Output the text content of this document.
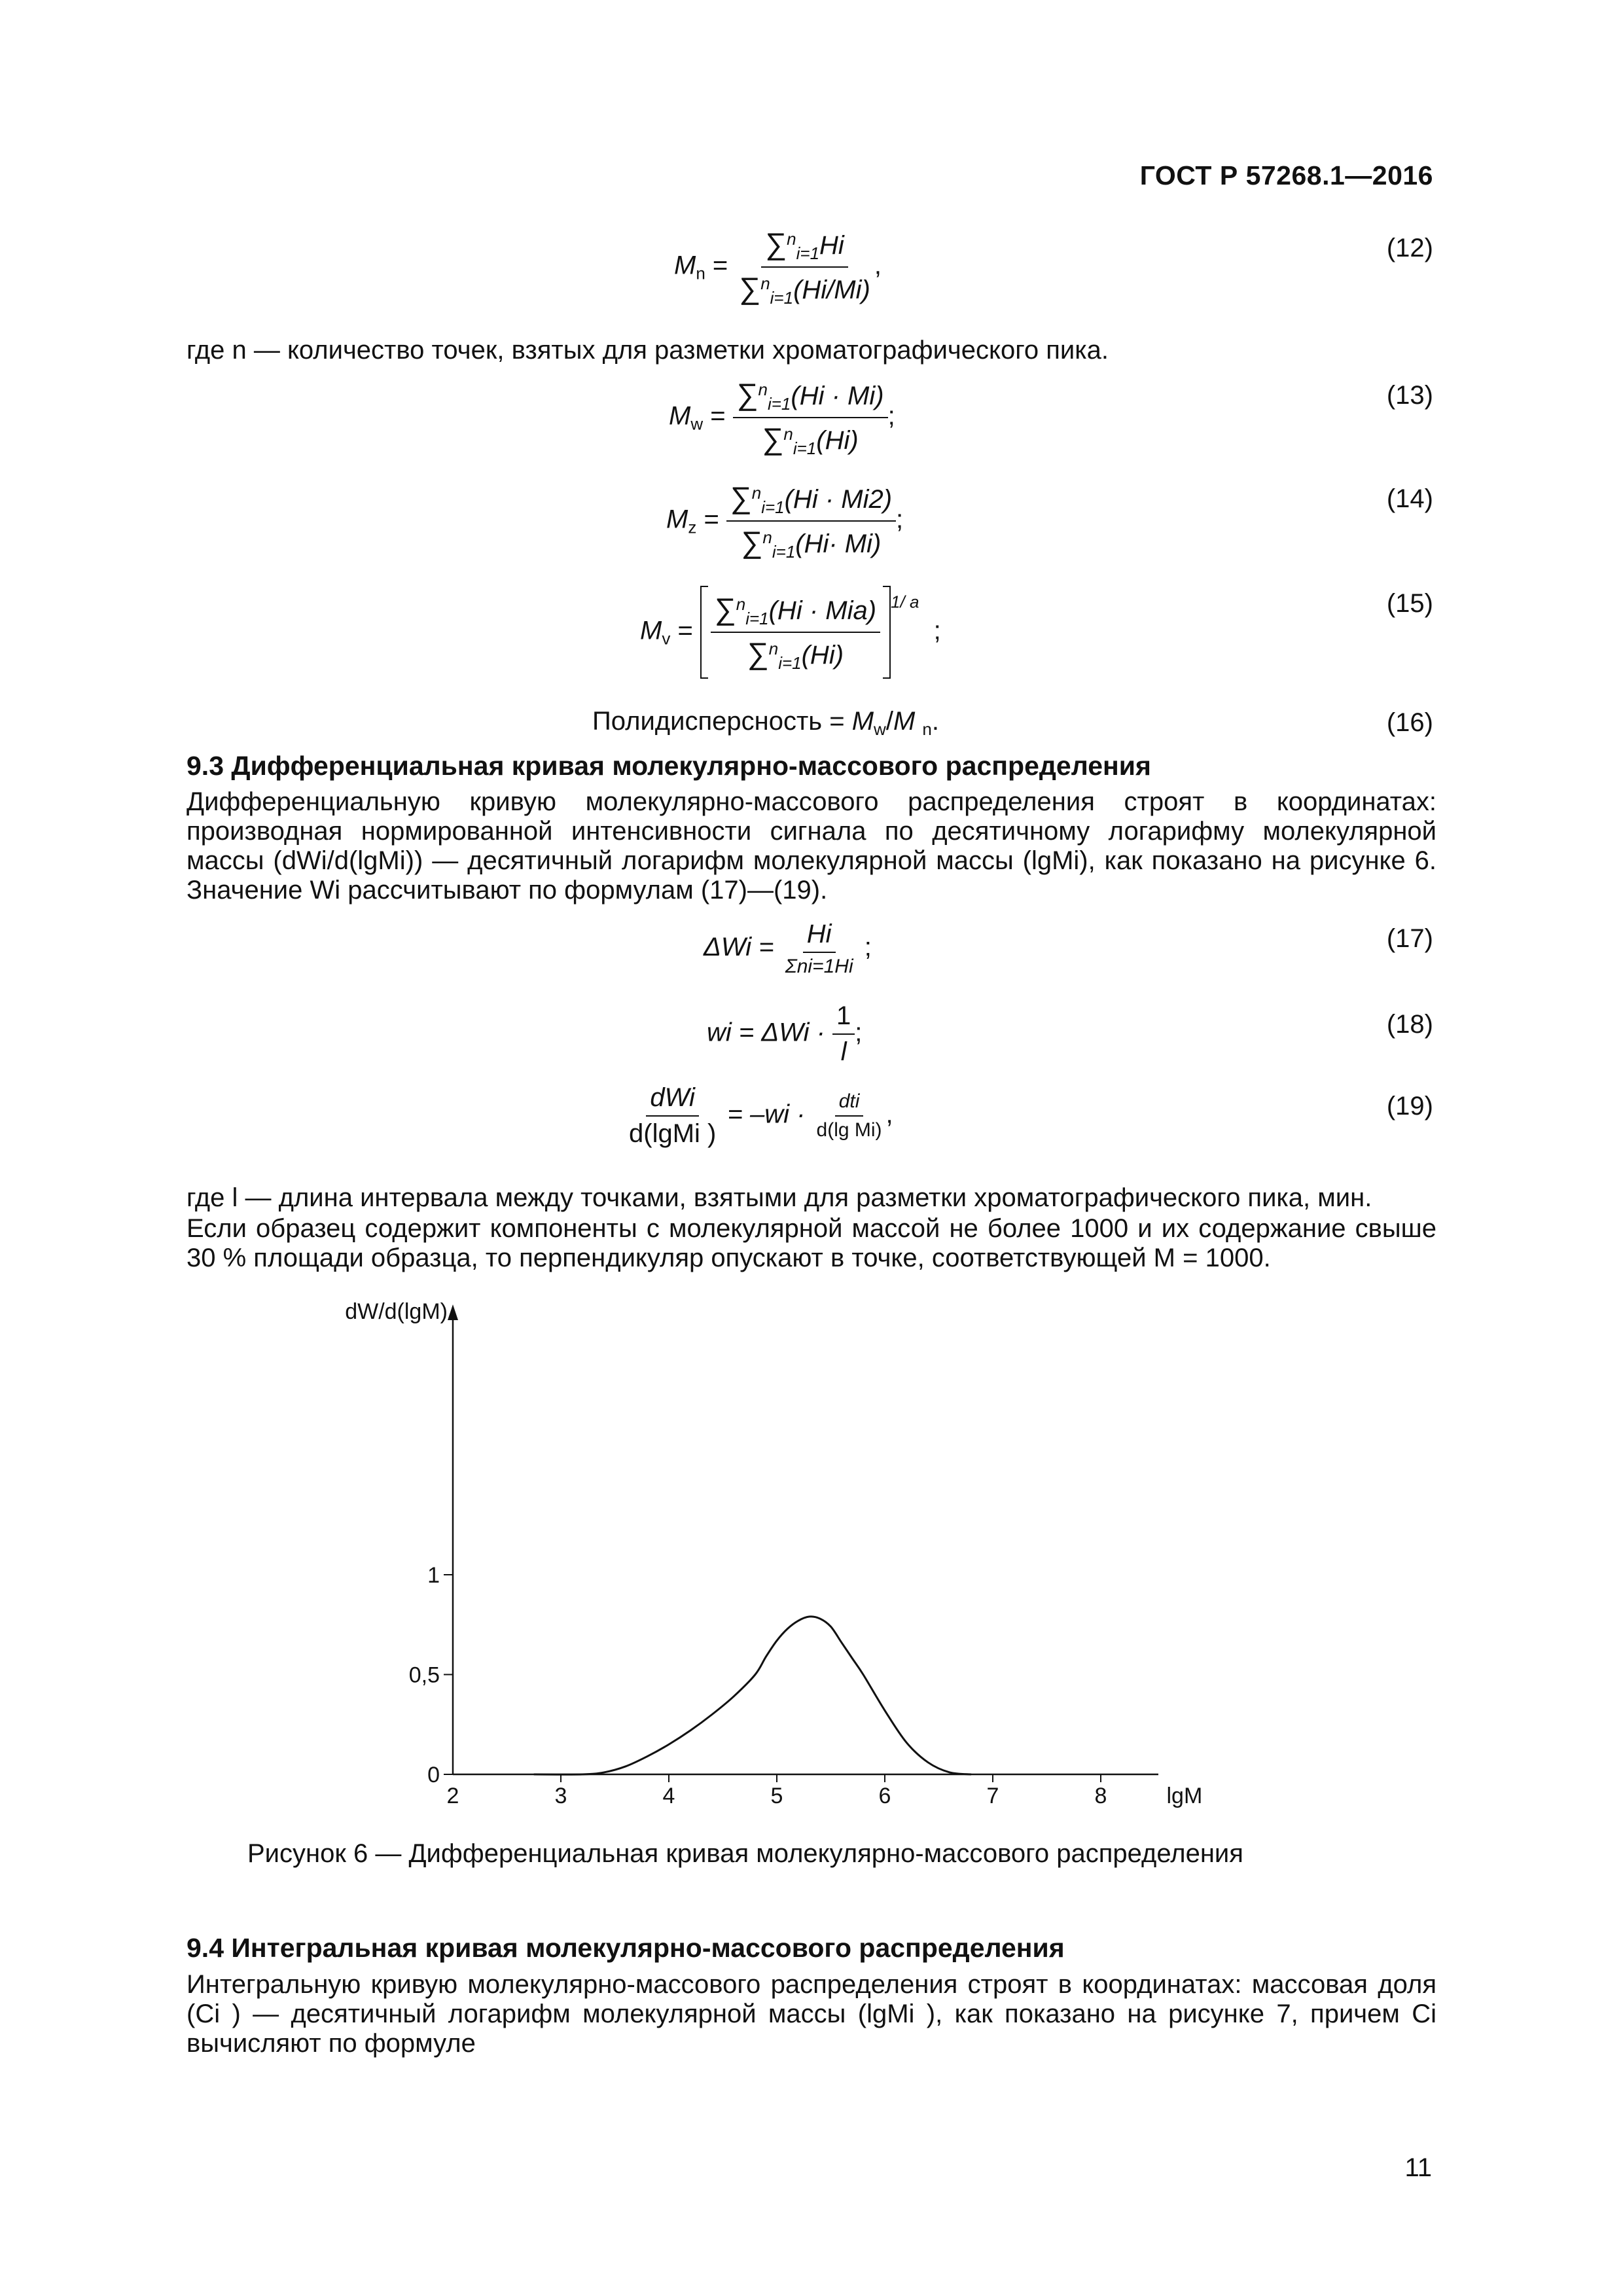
ГОСТ Р 57268.1—2016
$M_n = \frac{\sum^n_{i=1}Hi}{\sum^n_{i=1}(Hi/Mi)}$ ,
(12)
где n — количество точек, взятых для разметки хроматографического пика.
$M_w = \frac{\sum^n_{i=1}(Hi \cdot Mi)}{\sum^n_{i=1}(Hi)}$ ;
(13)
$M_z = \frac{\sum^n_{i=1}(Hi \cdot Mi2)}{\sum^n_{i=1}(Hi\cdot Mi)}$ ;
(14)
$M_v = \frac{\sum^n_{i=1}(Hi \cdot Mia)}{\sum^n_{i=1}(Hi)} ^{1/ a}$  ;
(15)
Полидисперсность = $M_w/M$ $_n$.	(16)
9.3 Дифференциальная кривая молекулярно-массового распределения
Дифференциальную кривую молекулярно-массового распределения строят в координатах: производная нормированной интенсивности сигнала по десятичному логарифму молекулярной массы (dWi/d(lgMi)) — десятичный логарифм молекулярной массы (lgMi), как показано на рисунке 6. Значение Wi рассчитывают по формулам (17)—(19).
$\Delta Wi = \frac{Hi}{\text{Σni=1Hi}}$ ;	(17)
wi = $\Delta Wi \cdot \frac{1}{l}$ ;	(18)
$\frac{\text{dWi}}{\text{d(lgMi )}} = -wi \cdot \frac{\text{dti}}{\text{d(lg Mi)}}$ ,	(19)
где l — длина интервала между точками, взятыми для разметки хроматографического пика, мин.
Если образец содержит компоненты с молекулярной массой не более 1000 и их содержание свыше 30 % площади образца, то перпендикуляр опускают в точке, соответствующей M = 1000.
dW/d(lgM)
2	3	4	5	6	7	8	lgM
0
0,5
1
Рисунок 6 — Дифференциальная кривая молекулярно-массового распределения
9.4 Интегральная кривая молекулярно-массового распределения
Интегральную кривую молекулярно-массового распределения строят в координатах: массовая доля (Ci ) — десятичный логарифм молекулярной массы (lgMi ), как показано на рисунке 7, причем Ci вычисляют по формуле
11
